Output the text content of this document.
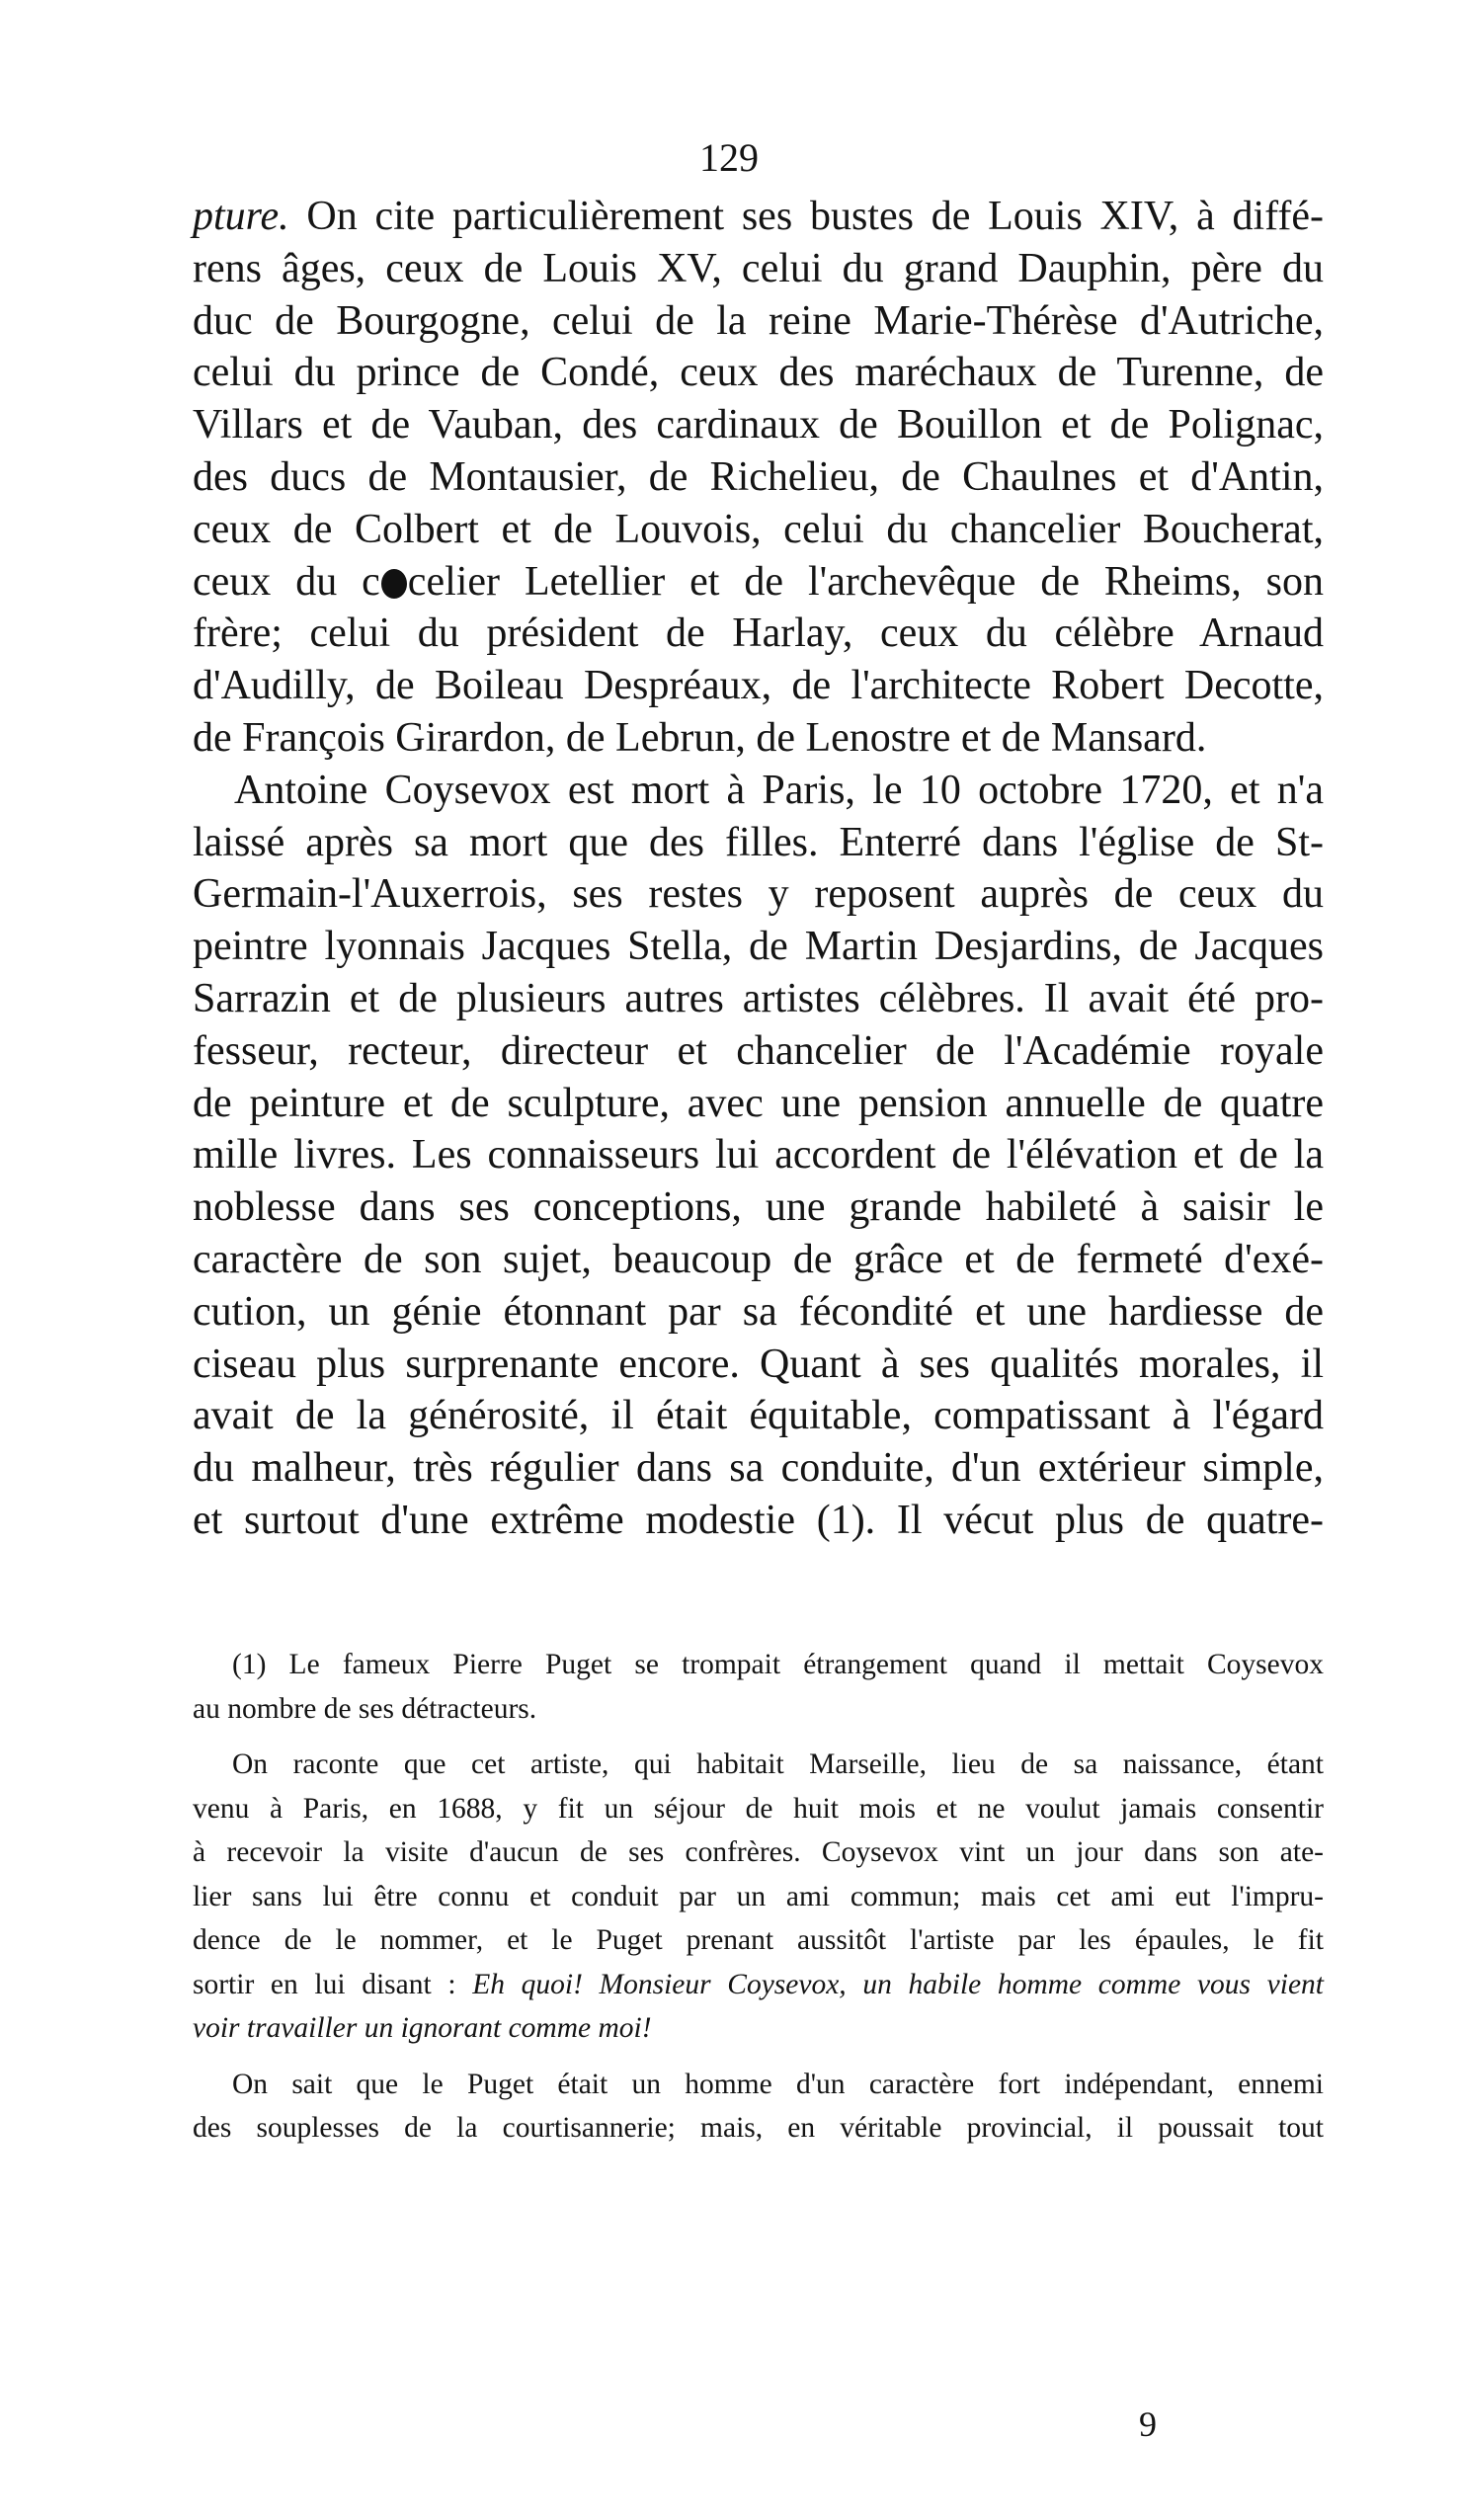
129
pture. On cite particulièrement ses bustes de Louis XIV, à diffé-
rens âges, ceux de Louis XV, celui du grand Dauphin, père du
duc de Bourgogne, celui de la reine Marie-Thérèse d'Autriche,
celui du prince de Condé, ceux des maréchaux de Turenne, de
Villars et de Vauban, des cardinaux de Bouillon et de Polignac,
des ducs de Montausier, de Richelieu, de Chaulnes et d'Antin,
ceux de Colbert et de Louvois, celui du chancelier Boucherat,
ceux du c celier Letellier et de l'archevêque de Rheims, son
frère; celui du président de Harlay, ceux du célèbre Arnaud
d'Audilly, de Boileau Despréaux, de l'architecte Robert Decotte,
de François Girardon, de Lebrun, de Lenostre et de Mansard.
Antoine Coysevox est mort à Paris, le 10 octobre 1720, et n'a
laissé après sa mort que des filles. Enterré dans l'église de St-
Germain-l'Auxerrois, ses restes y reposent auprès de ceux du
peintre lyonnais Jacques Stella, de Martin Desjardins, de Jacques
Sarrazin et de plusieurs autres artistes célèbres. Il avait été pro-
fesseur, recteur, directeur et chancelier de l'Académie royale
de peinture et de sculpture, avec une pension annuelle de quatre
mille livres. Les connaisseurs lui accordent de l'élévation et de la
noblesse dans ses conceptions, une grande habileté à saisir le
caractère de son sujet, beaucoup de grâce et de fermeté d'exé-
cution, un génie étonnant par sa fécondité et une hardiesse de
ciseau plus surprenante encore. Quant à ses qualités morales, il
avait de la générosité, il était équitable, compatissant à l'égard
du malheur, très régulier dans sa conduite, d'un extérieur simple,
et surtout d'une extrême modestie (1). Il vécut plus de quatre-
(1) Le fameux Pierre Puget se trompait étrangement quand il mettait Coysevox
au nombre de ses détracteurs.
On raconte que cet artiste, qui habitait Marseille, lieu de sa naissance, étant
venu à Paris, en 1688, y fit un séjour de huit mois et ne voulut jamais consentir
à recevoir la visite d'aucun de ses confrères. Coysevox vint un jour dans son ate-
lier sans lui être connu et conduit par un ami commun; mais cet ami eut l'impru-
dence de le nommer, et le Puget prenant aussitôt l'artiste par les épaules, le fit
sortir en lui disant : Eh quoi! Monsieur Coysevox, un habile homme comme vous vient
voir travailler un ignorant comme moi!
On sait que le Puget était un homme d'un caractère fort indépendant, ennemi
des souplesses de la courtisannerie; mais, en véritable provincial, il poussait tout
9
